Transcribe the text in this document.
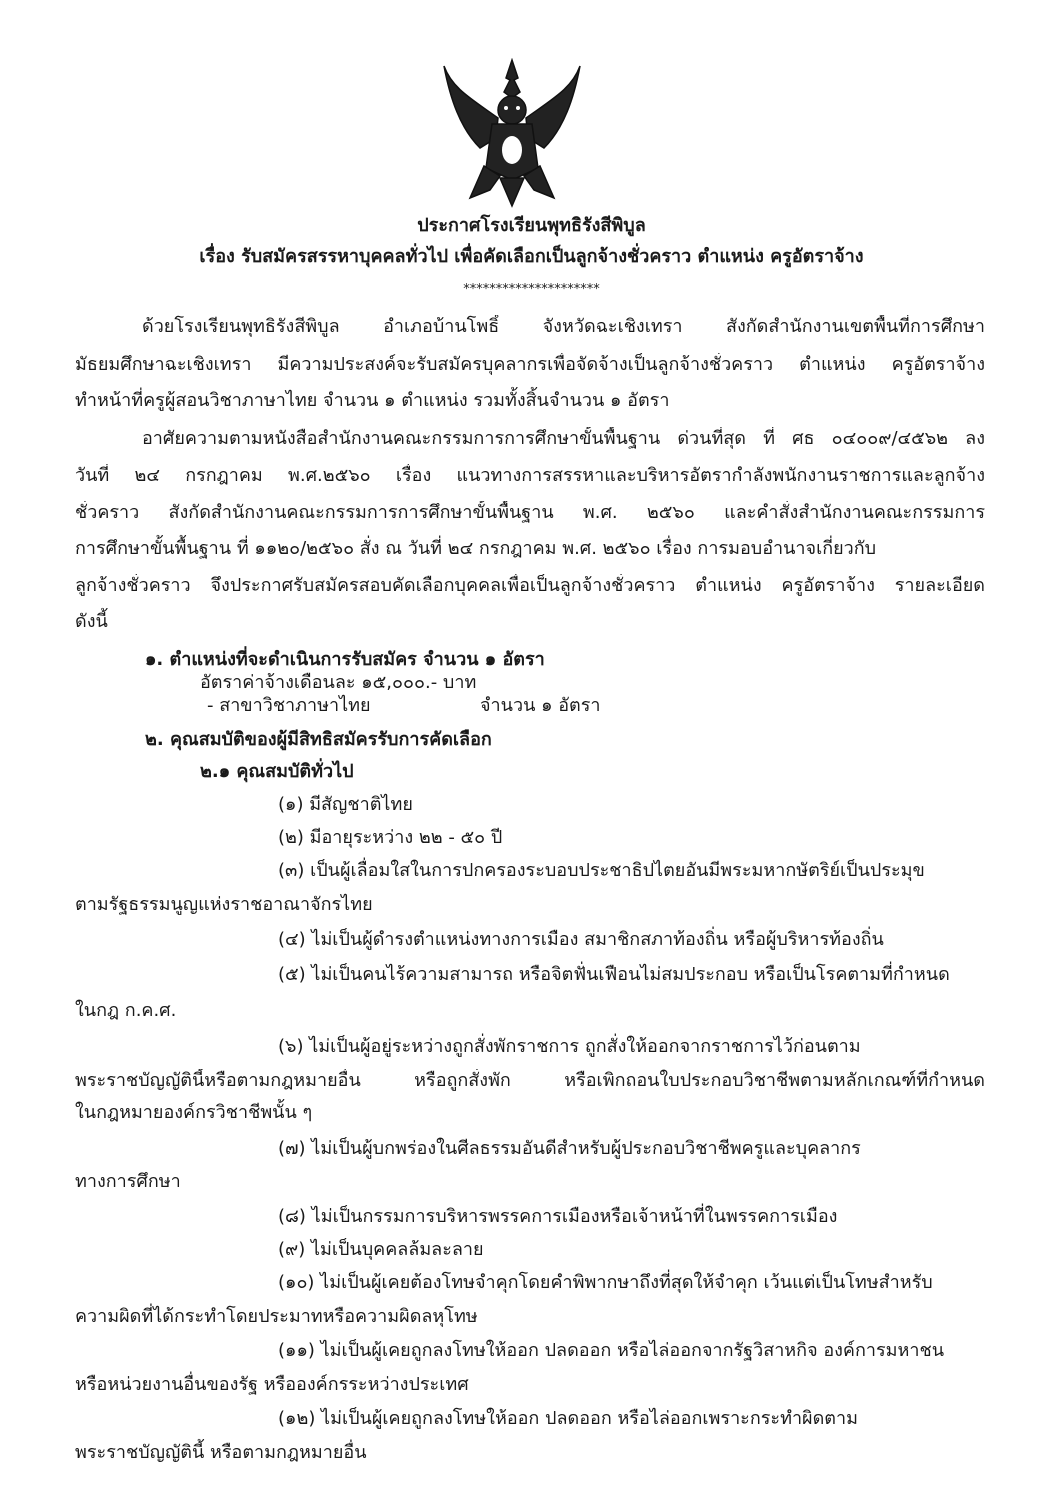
ประกาศโรงเรียนพุทธิรังสีพิบูล
เรื่อง รับสมัครสรรหาบุคคลทั่วไป เพื่อคัดเลือกเป็นลูกจ้างชั่วคราว ตำแหน่ง ครูอัตราจ้าง
*********************
ด้วยโรงเรียนพุทธิรังสีพิบูล อำเภอบ้านโพธิ์ จังหวัดฉะเชิงเทรา สังกัดสำนักงานเขตพื้นที่การศึกษา
มัธยมศึกษาฉะเชิงเทรา มีความประสงค์จะรับสมัครบุคลากรเพื่อจัดจ้างเป็นลูกจ้างชั่วคราว ตำแหน่ง ครูอัตราจ้าง
ทำหน้าที่ครูผู้สอนวิชาภาษาไทย จำนวน ๑ ตำแหน่ง รวมทั้งสิ้นจำนวน ๑ อัตรา
อาศัยความตามหนังสือสำนักงานคณะกรรมการการศึกษาขั้นพื้นฐาน ด่วนที่สุด ที่ ศธ ๐๔๐๐๙/๔๕๖๒ ลง
วันที่ ๒๔ กรกฎาคม พ.ศ.๒๕๖๐ เรื่อง แนวทางการสรรหาและบริหารอัตรากำลังพนักงานราชการและลูกจ้าง
ชั่วคราว สังกัดสำนักงานคณะกรรมการการศึกษาขั้นพื้นฐาน พ.ศ. ๒๕๖๐ และคำสั่งสำนักงานคณะกรรมการ
การศึกษาขั้นพื้นฐาน ที่ ๑๑๒๐/๒๕๖๐ สั่ง ณ วันที่ ๒๔ กรกฎาคม พ.ศ. ๒๕๖๐ เรื่อง การมอบอำนาจเกี่ยวกับ
ลูกจ้างชั่วคราว จึงประกาศรับสมัครสอบคัดเลือกบุคคลเพื่อเป็นลูกจ้างชั่วคราว ตำแหน่ง ครูอัตราจ้าง รายละเอียด
ดังนี้
๑. ตำแหน่งที่จะดำเนินการรับสมัคร จำนวน ๑ อัตรา
อัตราค่าจ้างเดือนละ ๑๕,๐๐๐.- บาท
- สาขาวิชาภาษาไทย	จำนวน ๑ อัตรา
๒. คุณสมบัติของผู้มีสิทธิสมัครรับการคัดเลือก
๒.๑ คุณสมบัติทั่วไป
(๑) มีสัญชาติไทย
(๒) มีอายุระหว่าง ๒๒ - ๕๐ ปี
(๓) เป็นผู้เลื่อมใสในการปกครองระบอบประชาธิปไตยอันมีพระมหากษัตริย์เป็นประมุข
ตามรัฐธรรมนูญแห่งราชอาณาจักรไทย
(๔) ไม่เป็นผู้ดำรงตำแหน่งทางการเมือง สมาชิกสภาท้องถิ่น หรือผู้บริหารท้องถิ่น
(๕) ไม่เป็นคนไร้ความสามารถ หรือจิตฟั่นเฟือนไม่สมประกอบ หรือเป็นโรคตามที่กำหนด
ในกฎ ก.ค.ศ.
(๖) ไม่เป็นผู้อยู่ระหว่างถูกสั่งพักราชการ ถูกสั่งให้ออกจากราชการไว้ก่อนตาม
พระราชบัญญัตินี้หรือตามกฎหมายอื่น หรือถูกสั่งพัก หรือเพิกถอนใบประกอบวิชาชีพตามหลักเกณฑ์ที่กำหนด
ในกฎหมายองค์กรวิชาชีพนั้น ๆ
(๗) ไม่เป็นผู้บกพร่องในศีลธรรมอันดีสำหรับผู้ประกอบวิชาชีพครูและบุคลากร
ทางการศึกษา
(๘) ไม่เป็นกรรมการบริหารพรรคการเมืองหรือเจ้าหน้าที่ในพรรคการเมือง
(๙) ไม่เป็นบุคคลล้มละลาย
(๑๐) ไม่เป็นผู้เคยต้องโทษจำคุกโดยคำพิพากษาถึงที่สุดให้จำคุก เว้นแต่เป็นโทษสำหรับ
ความผิดที่ได้กระทำโดยประมาทหรือความผิดลหุโทษ
(๑๑) ไม่เป็นผู้เคยถูกลงโทษให้ออก ปลดออก หรือไล่ออกจากรัฐวิสาหกิจ องค์การมหาชน
หรือหน่วยงานอื่นของรัฐ หรือองค์กรระหว่างประเทศ
(๑๒) ไม่เป็นผู้เคยถูกลงโทษให้ออก ปลดออก หรือไล่ออกเพราะกระทำผิดตาม
พระราชบัญญัตินี้ หรือตามกฎหมายอื่น
